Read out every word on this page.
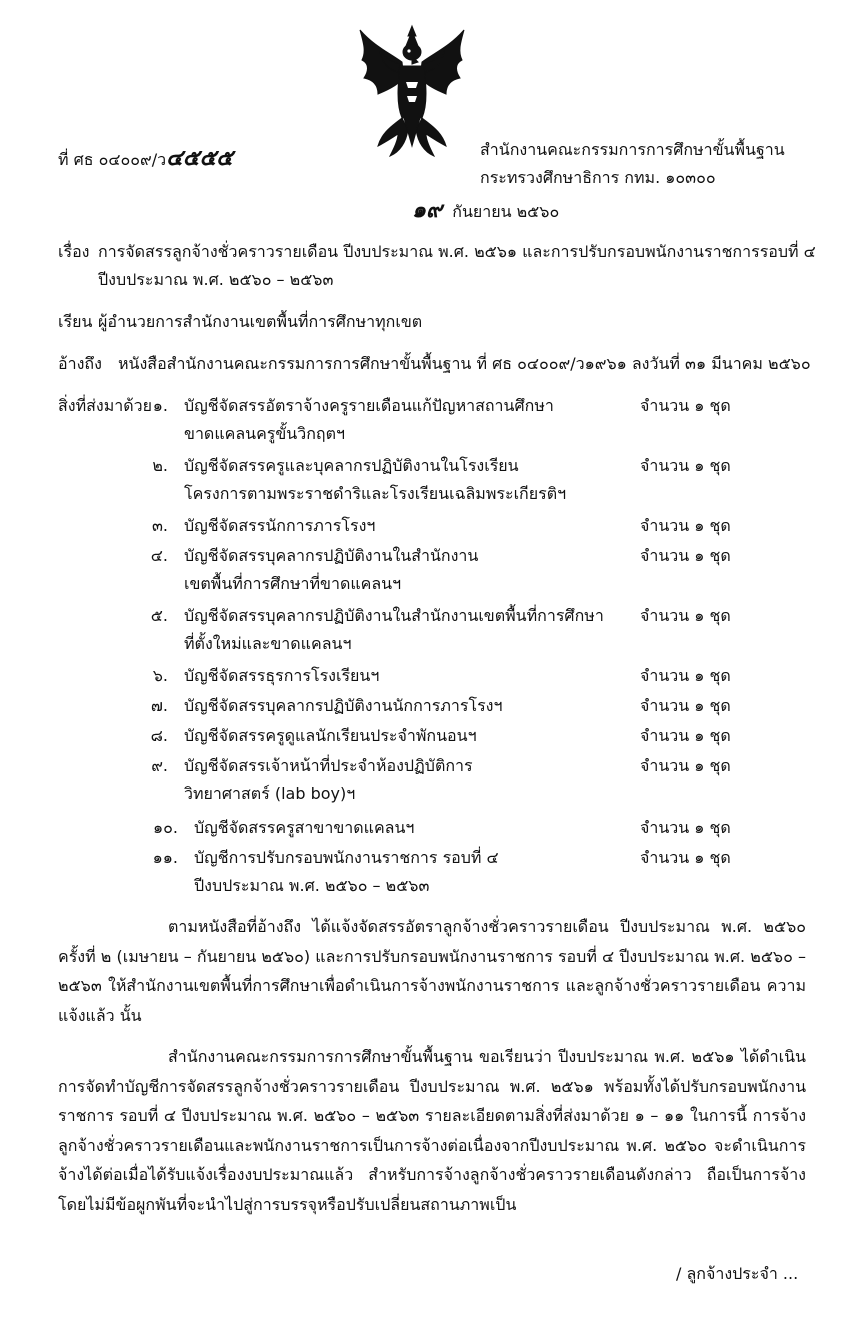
ที่ ศธ ๐๔๐๐๙/ว๔๕๕๕	สำนักงานคณะกรรมการการศึกษาขั้นพื้นฐาน
กระทรวงศึกษาธิการ กทม. ๑๐๓๐๐
๑๙ กันยายน ๒๕๖๐
เรื่อง การจัดสรรลูกจ้างชั่วคราวรายเดือน ปีงบประมาณ พ.ศ. ๒๕๖๑ และการปรับกรอบพนักงานราชการรอบที่ ๔
ปีงบประมาณ พ.ศ. ๒๕๖๐ – ๒๕๖๓
เรียน ผู้อำนวยการสำนักงานเขตพื้นที่การศึกษาทุกเขต
อ้างถึง หนังสือสำนักงานคณะกรรมการการศึกษาขั้นพื้นฐาน ที่ ศธ ๐๔๐๐๙/ว๑๙๖๑ ลงวันที่ ๓๑ มีนาคม ๒๕๖๐
สิ่งที่ส่งมาด้วย ๑. บัญชีจัดสรรอัตราจ้างครูรายเดือนแก้ปัญหาสถานศึกษา	จำนวน ๑ ชุด
ขาดแคลนครูขั้นวิกฤตฯ
๒. บัญชีจัดสรรครูและบุคลากรปฏิบัติงานในโรงเรียน	จำนวน ๑ ชุด
โครงการตามพระราชดำริและโรงเรียนเฉลิมพระเกียรติฯ
๓. บัญชีจัดสรรนักการภารโรงฯ	จำนวน ๑ ชุด
๔. บัญชีจัดสรรบุคลากรปฏิบัติงานในสำนักงาน	จำนวน ๑ ชุด
เขตพื้นที่การศึกษาที่ขาดแคลนฯ
๕. บัญชีจัดสรรบุคลากรปฏิบัติงานในสำนักงานเขตพื้นที่การศึกษา จำนวน ๑ ชุด
ที่ตั้งใหม่และขาดแคลนฯ
๖. บัญชีจัดสรรธุรการโรงเรียนฯ	จำนวน ๑ ชุด
๗. บัญชีจัดสรรบุคลากรปฏิบัติงานนักการภารโรงฯ	จำนวน ๑ ชุด
๘. บัญชีจัดสรรครูดูแลนักเรียนประจำพักนอนฯ	จำนวน ๑ ชุด
๙. บัญชีจัดสรรเจ้าหน้าที่ประจำห้องปฏิบัติการ	จำนวน ๑ ชุด
วิทยาศาสตร์ (lab boy)ฯ
๑๐. บัญชีจัดสรรครูสาขาขาดแคลนฯ	จำนวน ๑ ชุด
๑๑. บัญชีการปรับกรอบพนักงานราชการ รอบที่ ๔	จำนวน ๑ ชุด
ปีงบประมาณ พ.ศ. ๒๕๖๐ – ๒๕๖๓
ตามหนังสือที่อ้างถึง ได้แจ้งจัดสรรอัตราลูกจ้างชั่วคราวรายเดือน ปีงบประมาณ พ.ศ. ๒๕๖๐ ครั้งที่ ๒ (เมษายน – กันยายน ๒๕๖๐) และการปรับกรอบพนักงานราชการ รอบที่ ๔ ปีงบประมาณ พ.ศ. ๒๕๖๐ – ๒๕๖๓ ให้สำนักงานเขตพื้นที่การศึกษาเพื่อดำเนินการจ้างพนักงานราชการ และลูกจ้างชั่วคราวรายเดือน ความแจ้งแล้ว นั้น
สำนักงานคณะกรรมการการศึกษาขั้นพื้นฐาน ขอเรียนว่า ปีงบประมาณ พ.ศ. ๒๕๖๑ ได้ดำเนินการจัดทำบัญชีการจัดสรรลูกจ้างชั่วคราวรายเดือน ปีงบประมาณ พ.ศ. ๒๕๖๑ พร้อมทั้งได้ปรับกรอบพนักงานราชการ รอบที่ ๔ ปีงบประมาณ พ.ศ. ๒๕๖๐ – ๒๕๖๓ รายละเอียดตามสิ่งที่ส่งมาด้วย ๑ – ๑๑ ในการนี้ การจ้างลูกจ้างชั่วคราวรายเดือนและพนักงานราชการเป็นการจ้างต่อเนื่องจากปีงบประมาณ พ.ศ. ๒๕๖๐ จะดำเนินการจ้างได้ต่อเมื่อได้รับแจ้งเรื่องงบประมาณแล้ว สำหรับการจ้างลูกจ้างชั่วคราวรายเดือนดังกล่าว ถือเป็นการจ้างโดยไม่มีข้อผูกพันที่จะนำไปสู่การบรรจุหรือปรับเปลี่ยนสถานภาพเป็น
/ ลูกจ้างประจำ ...
